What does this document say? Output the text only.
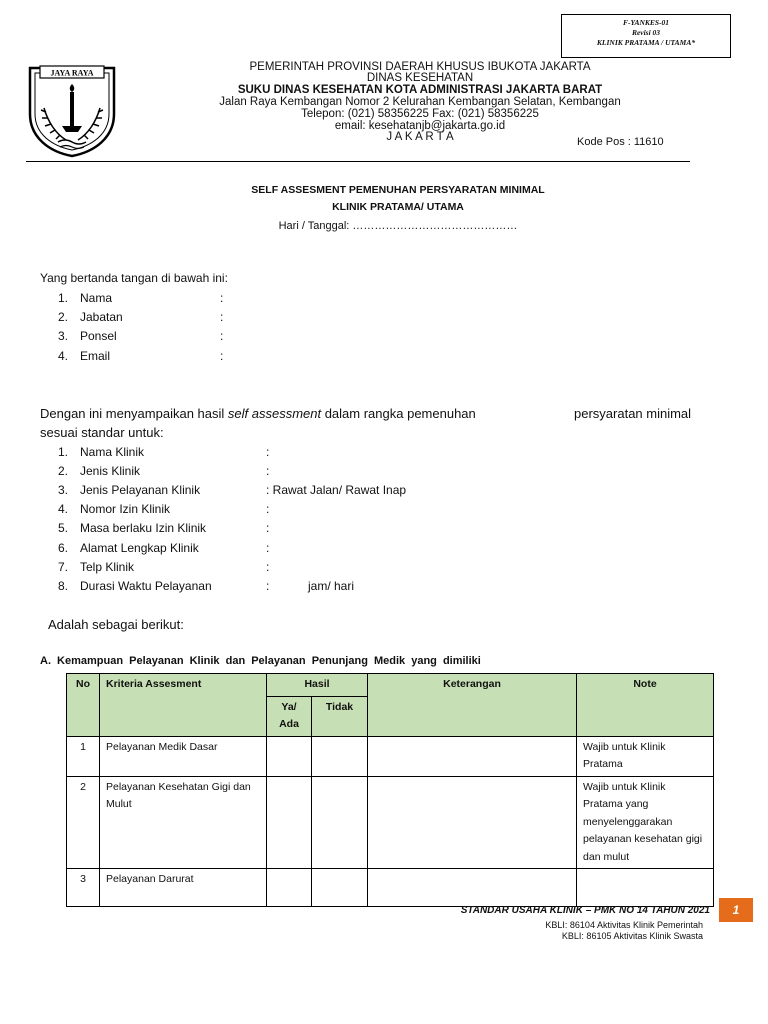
F-YANKES-01
Revisi 03
KLINIK PRATAMA / UTAMA*
JAYA RAYA	PEMERINTAH PROVINSI DAERAH KHUSUS IBUKOTA JAKARTA
DINAS KESEHATAN
SUKU DINAS KESEHATAN KOTA ADMINISTRASI JAKARTA BARAT
Jalan Raya Kembangan Nomor 2 Kelurahan Kembangan Selatan, Kembangan
Telepon: (021) 58356225 Fax: (021) 58356225
email: kesehatanjb@jakarta.go.id
J A K A R T A	Kode Pos : 11610
SELF ASSESMENT PEMENUHAN PERSYARATAN MINIMAL
KLINIK PRATAMA/ UTAMA
Hari / Tanggal: ………………………………………
Yang bertanda tangan di bawah ini:
1. Nama	:
2. Jabatan	:
3. Ponsel	:
4. Email	:
Dengan ini menyampaikan hasil self assessment dalam rangka pemenuhan	persyaratan minimal
sesuai standar untuk:
1. Nama Klinik	:
2. Jenis Klinik	:
3. Jenis Pelayanan Klinik	: Rawat Jalan/ Rawat Inap
4. Nomor Izin Klinik	:
5. Masa berlaku Izin Klinik	:
6. Alamat Lengkap Klinik	:
7. Telp Klinik	:
8. Durasi Waktu Pelayanan	:	jam/ hari
Adalah sebagai berikut:
A. Kemampuan Pelayanan Klinik dan Pelayanan Penunjang Medik yang dimiliki
No	Kriteria Assesment	Hasil		Keterangan	Note
		Ya/ Ada	Tidak		
1	Pelayanan Medik Dasar				Wajib untuk Klinik Pratama
2	Pelayanan Kesehatan Gigi dan Mulut				Wajib untuk Klinik Pratama yang menyelenggarakan pelayanan kesehatan gigi dan mulut
3	Pelayanan Darurat				
STANDAR USAHA KLINIK – PMK NO 14 TAHUN 2021	1
KBLI: 86104 Aktivitas Klinik Pemerintah
KBLI: 86105 Aktivitas Klinik Swasta
